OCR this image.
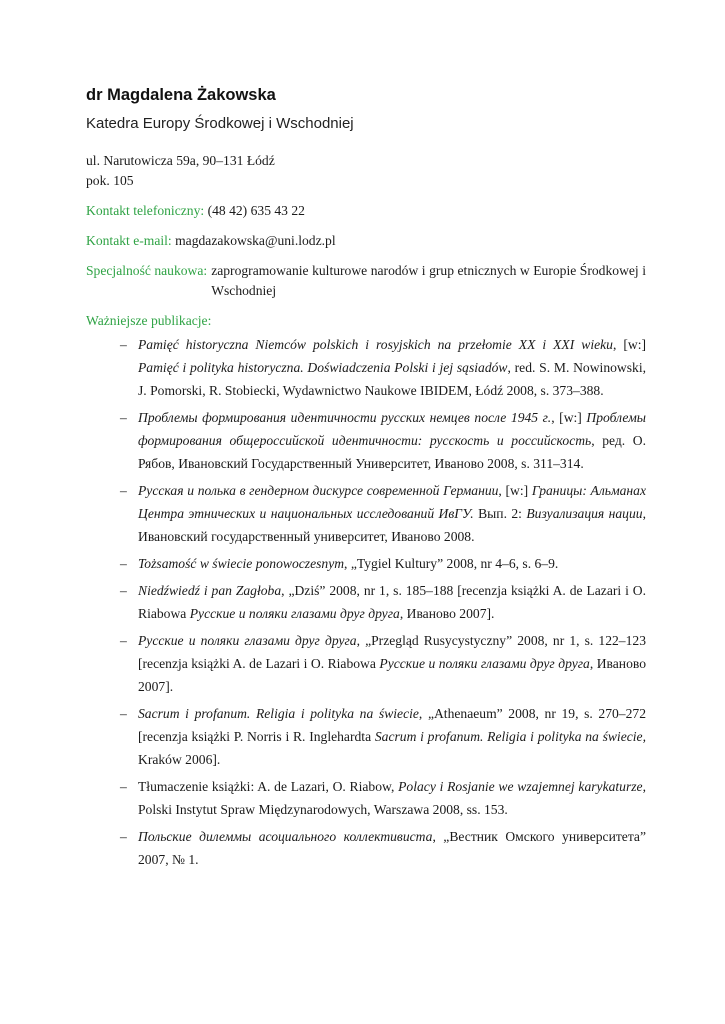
dr Magdalena Żakowska
Katedra Europy Środkowej i Wschodniej
ul. Narutowicza 59a, 90–131 Łódź
pok. 105
Kontakt telefoniczny: (48 42) 635 43 22
Kontakt e-mail: magdazakowska@uni.lodz.pl
Specjalność naukowa: zaprogramowanie kulturowe narodów i grup etnicznych w Europie Środkowej i Wschodniej
Ważniejsze publikacje:
– Pamięć historyczna Niemców polskich i rosyjskich na przełomie XX i XXI wieku, [w:] Pamięć i polityka historyczna. Doświadczenia Polski i jej sąsiadów, red. S. M. Nowinowski, J. Pomorski, R. Stobiecki, Wydawnictwo Naukowe IBIDEM, Łódź 2008, s. 373–388.
– Проблемы формирования идентичности русских немцев после 1945 г., [w:] Проблемы формирования общероссийской идентичности: русскость и российскость, ред. О. Рябов, Ивановский Государственный Университет, Иваново 2008, s. 311–314.
– Русская и полька в гендерном дискурсе современной Германии, [w:] Границы: Альманах Центра этнических и национальных исследований ИвГУ. Вып. 2: Визуализация нации, Ивановский государственный университет, Иваново 2008.
– Tożsamość w świecie ponowoczesnym, „Tygiel Kultury” 2008, nr 4–6, s. 6–9.
– Niedźwiedź i pan Zagłoba, „Dziś” 2008, nr 1, s. 185–188 [recenzja książki A. de Lazari i O. Riabowa Русские и поляки глазами друг друга, Иваново 2007].
– Русские и поляки глазами друг друга, „Przegląd Rusycystyczny” 2008, nr 1, s. 122–123 [recenzja książki A. de Lazari i O. Riabowa Русские и поляки глазами друг друга, Иваново 2007].
– Sacrum i profanum. Religia i polityka na świecie, „Athenaeum” 2008, nr 19, s. 270–272 [recenzja książki P. Norris i R. Inglehardta Sacrum i profanum. Religia i polityka na świecie, Kraków 2006].
– Tłumaczenie książki: A. de Lazari, O. Riabow, Polacy i Rosjanie we wzajemnej karykaturze, Polski Instytut Spraw Międzynarodowych, Warszawa 2008, ss. 153.
– Польские дилеммы асоциального коллективиста, „Вестник Омского университета” 2007, № 1.
